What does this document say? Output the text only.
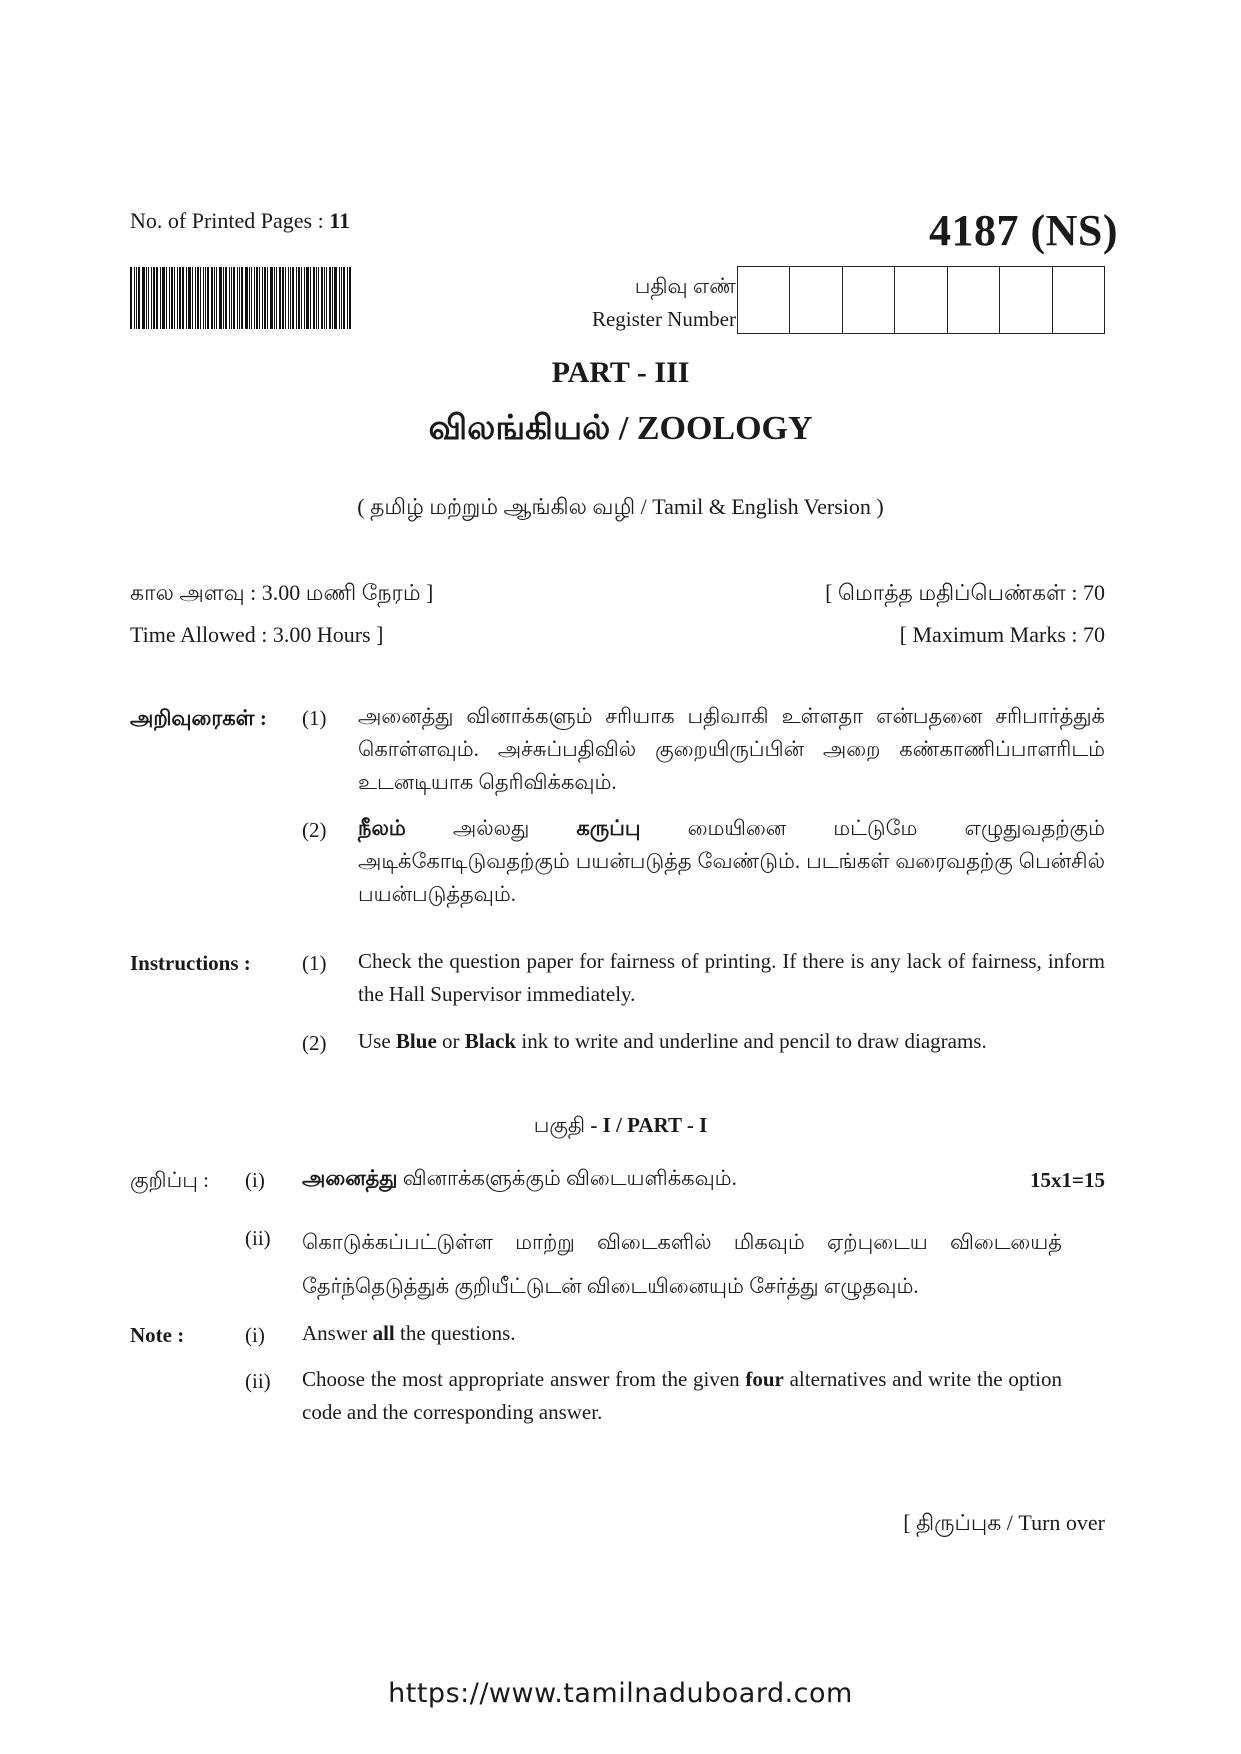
No. of Printed Pages : 11	4187 (NS)
பதிவு எண்
Register Number
PART - III
விலங்கியல் / ZOOLOGY
( தமிழ் மற்றும் ஆங்கில வழி / Tamil & English Version )
கால அளவு : 3.00 மணி நேரம் ]	[ மொத்த மதிப்பெண்கள் : 70
Time Allowed : 3.00 Hours ]	[ Maximum Marks : 70
அறிவுரைகள் : (1) அனைத்து வினாக்களும் சரியாக பதிவாகி உள்ளதா என்பதனை சரிபார்த்துக் கொள்ளவும். அச்சுப்பதிவில் குறையிருப்பின் அறை கண்காணிப்பாளரிடம் உடனடியாக தெரிவிக்கவும்.
(2) நீலம் அல்லது கருப்பு மையினை மட்டுமே எழுதுவதற்கும் அடிக்கோடிடுவதற்கும் பயன்படுத்த வேண்டும். படங்கள் வரைவதற்கு பென்சில் பயன்படுத்தவும்.
Instructions : (1) Check the question paper for fairness of printing. If there is any lack of fairness, inform the Hall Supervisor immediately.
(2) Use Blue or Black ink to write and underline and pencil to draw diagrams.
பகுதி - I / PART - I
குறிப்பு : (i) அனைத்து வினாக்களுக்கும் விடையளிக்கவும்.	15x1=15
(ii) கொடுக்கப்பட்டுள்ள மாற்று விடைகளில் மிகவும் ஏற்புடைய விடையைத் தேர்ந்தெடுத்துக் குறியீட்டுடன் விடையினையும் சேர்த்து எழுதவும்.
Note :	(i) Answer all the questions.
(ii) Choose the most appropriate answer from the given four alternatives and write the option code and the corresponding answer.
[ திருப்புக / Turn over
https://www.tamilnaduboard.com
